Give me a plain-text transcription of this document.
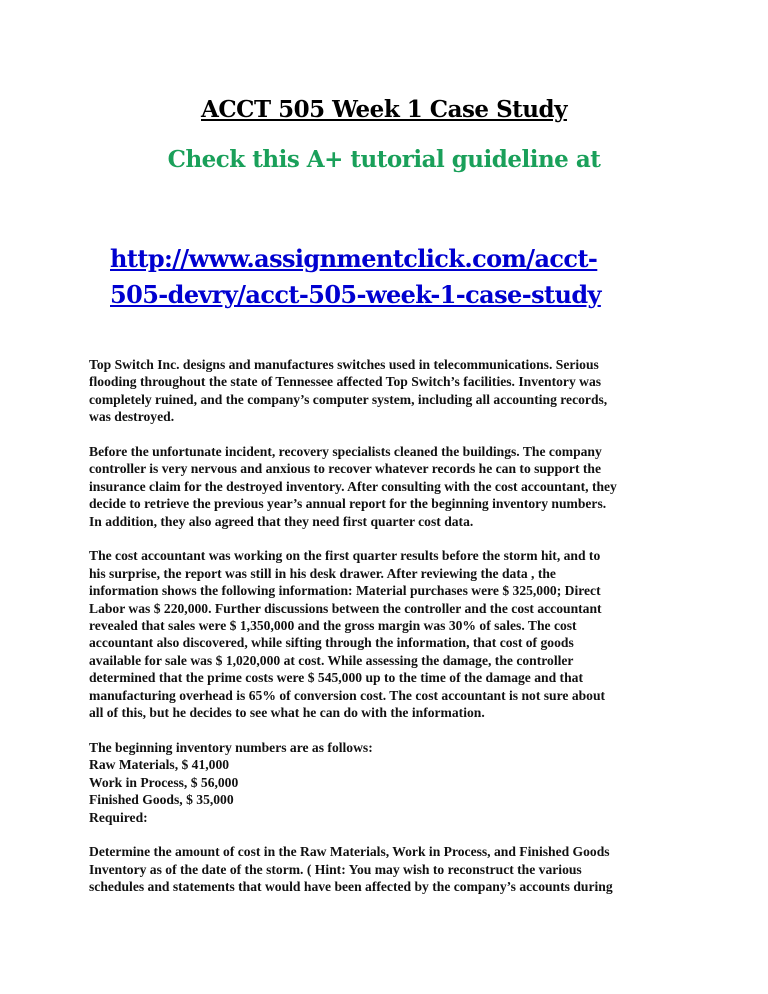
ACCT 505 Week 1 Case Study
Check this A+ tutorial guideline at
http://www.assignmentclick.com/acct-
505-devry/acct-505-week-1-case-study

Top Switch Inc. designs and manufactures switches used in telecommunications. Serious
flooding throughout the state of Tennessee affected Top Switch’s facilities. Inventory was
completely ruined, and the company’s computer system, including all accounting records,
was destroyed.

Before the unfortunate incident, recovery specialists cleaned the buildings. The company
controller is very nervous and anxious to recover whatever records he can to support the
insurance claim for the destroyed inventory. After consulting with the cost accountant, they
decide to retrieve the previous year’s annual report for the beginning inventory numbers.
In addition, they also agreed that they need first quarter cost data.

The cost accountant was working on the first quarter results before the storm hit, and to
his surprise, the report was still in his desk drawer. After reviewing the data , the
information shows the following information: Material purchases were $ 325,000; Direct
Labor was $ 220,000. Further discussions between the controller and the cost accountant
revealed that sales were $ 1,350,000 and the gross margin was 30% of sales. The cost
accountant also discovered, while sifting through the information, that cost of goods
available for sale was $ 1,020,000 at cost. While assessing the damage, the controller
determined that the prime costs were $ 545,000 up to the time of the damage and that
manufacturing overhead is 65% of conversion cost. The cost accountant is not sure about
all of this, but he decides to see what he can do with the information.

The beginning inventory numbers are as follows:
Raw Materials, $ 41,000
Work in Process, $ 56,000
Finished Goods, $ 35,000
Required:

Determine the amount of cost in the Raw Materials, Work in Process, and Finished Goods
Inventory as of the date of the storm. ( Hint: You may wish to reconstruct the various
schedules and statements that would have been affected by the company’s accounts during
